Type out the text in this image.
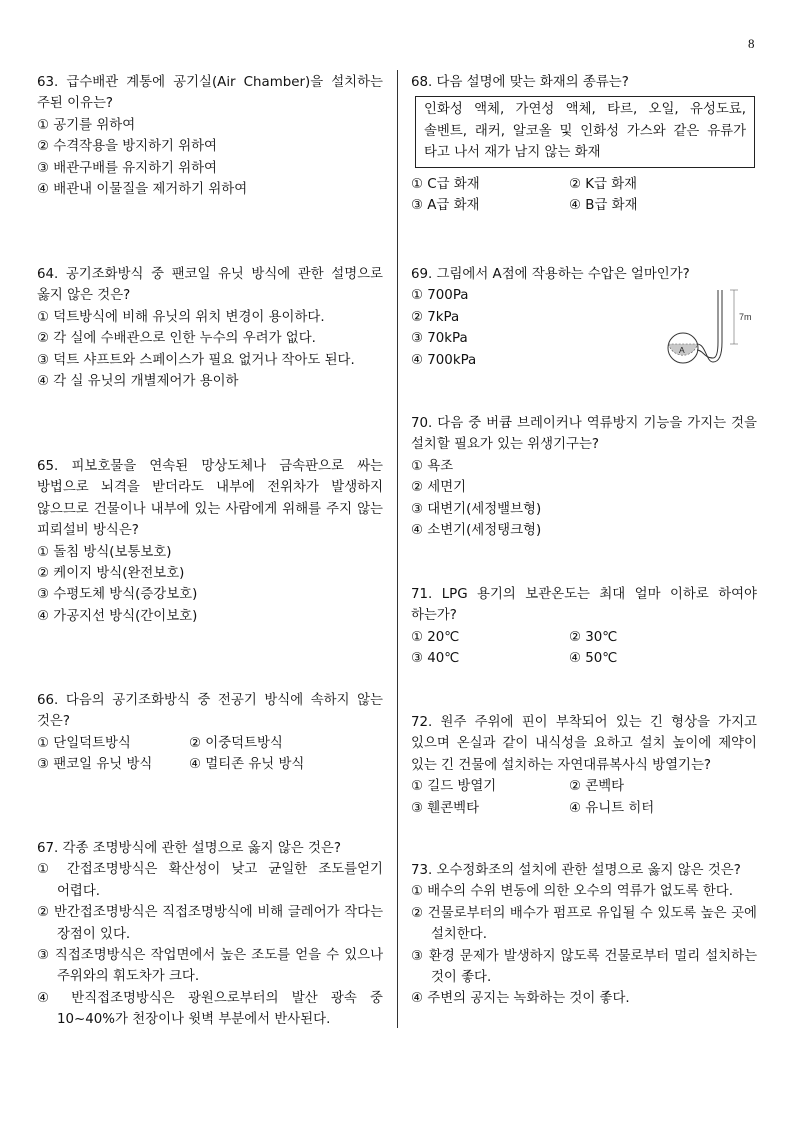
8
63. 급수배관 계통에 공기실(Air Chamber)을 설치하는 주된 이유는?
① 공기를 위하여
② 수격작용을 방지하기 위하여
③ 배관구배를 유지하기 위하여
④ 배관내 이물질을 제거하기 위하여
64. 공기조화방식 중 팬코일 유닛 방식에 관한 설명으로 옳지 않은 것은?
① 덕트방식에 비해 유닛의 위치 변경이 용이하다.
② 각 실에 수배관으로 인한 누수의 우려가 없다.
③ 덕트 샤프트와 스페이스가 필요 없거나 작아도 된다.
④ 각 실 유닛의 개별제어가 용이하
65. 피보호물을 연속된 망상도체나 금속판으로 싸는 방법으로 뇌격을 받더라도 내부에 전위차가 발생하지 않으므로 건물이나 내부에 있는 사람에게 위해를 주지 않는 피뢰설비 방식은?
① 돌침 방식(보통보호)
② 케이지 방식(완전보호)
③ 수평도체 방식(증강보호)
④ 가공지선 방식(간이보호)
66. 다음의 공기조화방식 중 전공기 방식에 속하지 않는 것은?
① 단일덕트방식	② 이중덕트방식
③ 팬코일 유닛 방식	④ 멀티존 유닛 방식
67. 각종 조명방식에 관한 설명으로 옳지 않은 것은?
① 간접조명방식은 확산성이 낮고 균일한 조도를얻기 어렵다.
② 반간접조명방식은 직접조명방식에 비해 글레어가 작다는 장점이 있다.
③ 직접조명방식은 작업면에서 높은 조도를 얻을 수 있으나 주위와의 휘도차가 크다.
④ 반직접조명방식은 광원으로부터의 발산 광속 중 10~40%가 천장이나 윗벽 부분에서 반사된다.
68. 다음 설명에 맞는 화재의 종류는?
인화성 액체, 가연성 액체, 타르, 오일, 유성도료, 솔벤트, 래커, 알코올 및 인화성 가스와 같은 유류가 타고 나서 재가 남지 않는 화재
① C급 화재	② K급 화재
③ A급 화재	④ B급 화재
69. 그림에서 A점에 작용하는 수압은 얼마인가?
① 700Pa
② 7kPa
③ 70kPa
④ 700kPa
A
7m
70. 다음 중 버큠 브레이커나 역류방지 기능을 가지는 것을 설치할 필요가 있는 위생기구는?
① 욕조
② 세면기
③ 대변기(세정밸브형)
④ 소변기(세정탱크형)
71. LPG 용기의 보관온도는 최대 얼마 이하로 하여야 하는가?
① 20℃	② 30℃
③ 40℃	④ 50℃
72. 원주 주위에 핀이 부착되어 있는 긴 형상을 가지고 있으며 온실과 같이 내식성을 요하고 설치 높이에 제약이 있는 긴 건물에 설치하는 자연대류복사식 방열기는?
① 길드 방열기	② 콘벡타
③ 휀콘벡타	④ 유니트 히터
73. 오수정화조의 설치에 관한 설명으로 옳지 않은 것은?
① 배수의 수위 변동에 의한 오수의 역류가 없도록 한다.
② 건물로부터의 배수가 펌프로 유입될 수 있도록 높은 곳에 설치한다.
③ 환경 문제가 발생하지 않도록 건물로부터 멀리 설치하는 것이 좋다.
④ 주변의 공지는 녹화하는 것이 좋다.
